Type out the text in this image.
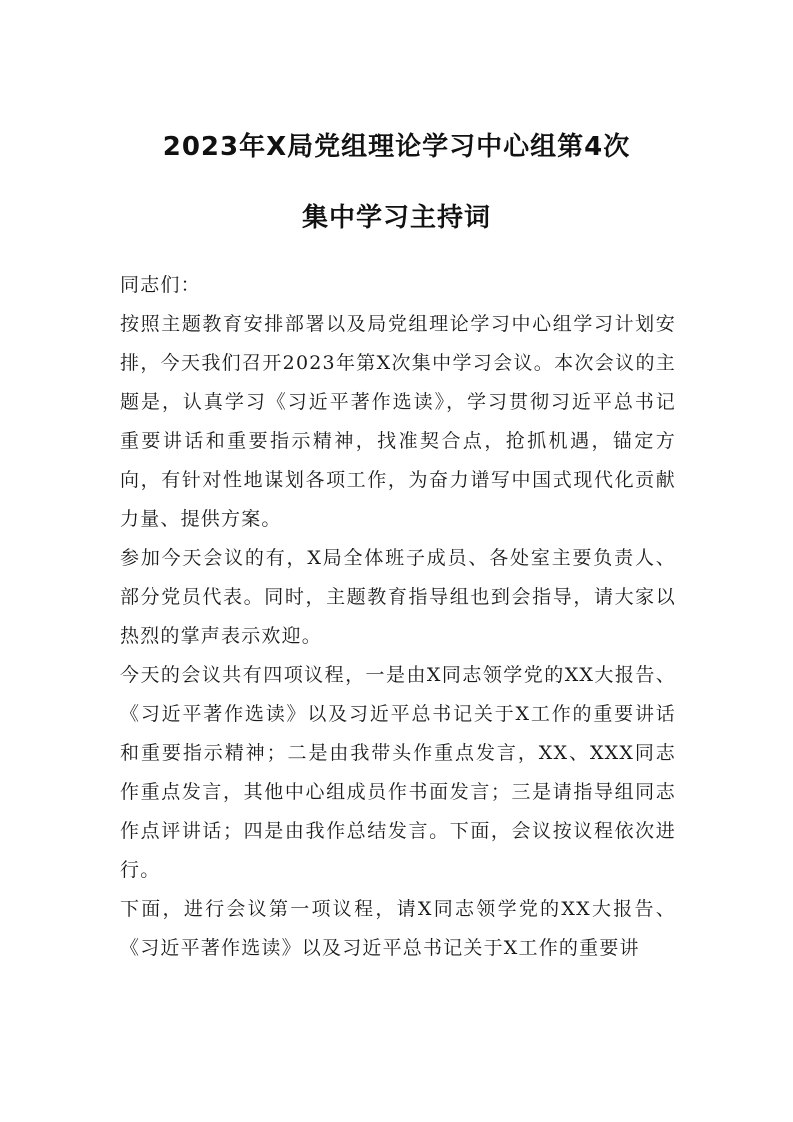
2023年X局党组理论学习中心组第4次
集中学习主持词

同志们：

按照主题教育安排部署以及局党组理论学习中心组学习计划安排，今天我们召开2023年第X次集中学习会议。本次会议的主题是，认真学习《习近平著作选读》，学习贯彻习近平总书记重要讲话和重要指示精神，找准契合点，抢抓机遇，锚定方向，有针对性地谋划各项工作，为奋力谱写中国式现代化贡献力量、提供方案。

参加今天会议的有，X局全体班子成员、各处室主要负责人、部分党员代表。同时，主题教育指导组也到会指导，请大家以热烈的掌声表示欢迎。

今天的会议共有四项议程，一是由X同志领学党的XX大报告、《习近平著作选读》以及习近平总书记关于X工作的重要讲话和重要指示精神；二是由我带头作重点发言，XX、XXX同志作重点发言，其他中心组成员作书面发言；三是请指导组同志作点评讲话；四是由我作总结发言。下面，会议按议程依次进行。

下面，进行会议第一项议程，请X同志领学党的XX大报告、《习近平著作选读》以及习近平总书记关于X工作的重要讲
